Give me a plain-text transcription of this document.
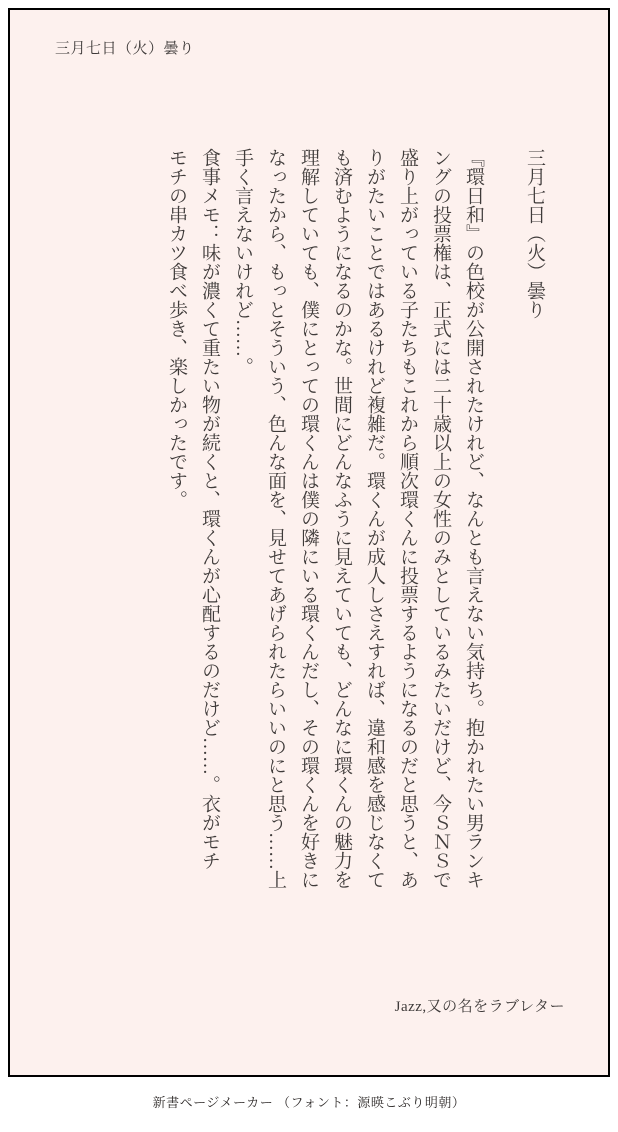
三月七日（火）曇り

三月七日（火）曇り

『環日和』の色校が公開されたけれど、なんとも言えない気持ち。抱かれたい男ランキ

ングの投票権は、正式には二十歳以上の女性のみとしているみたいだけど、今ＳＮＳで

盛り上がっている子たちもこれから順次環くんに投票するようになるのだと思うと、あ

りがたいことではあるけれど複雑だ。環くんが成人しさえすれば、違和感を感じなくて

も済むようになるのかな。世間にどんなふうに見えていても、どんなに環くんの魅力を

理解していても、僕にとっての環くんは僕の隣にいる環くんだし、その環くんを好きに

なったから、もっとそういう、色んな面を、見せてあげられたらいいのにと思う……上

手く言えないけれど……。

食事メモ：味が濃くて重たい物が続くと、環くんが心配するのだけど……。衣がモチ

モチの串カツ食べ歩き、楽しかったです。

Jazz,又の名をラブレター
新書ページメーカー （フォント：源暎こぶり明朝）
